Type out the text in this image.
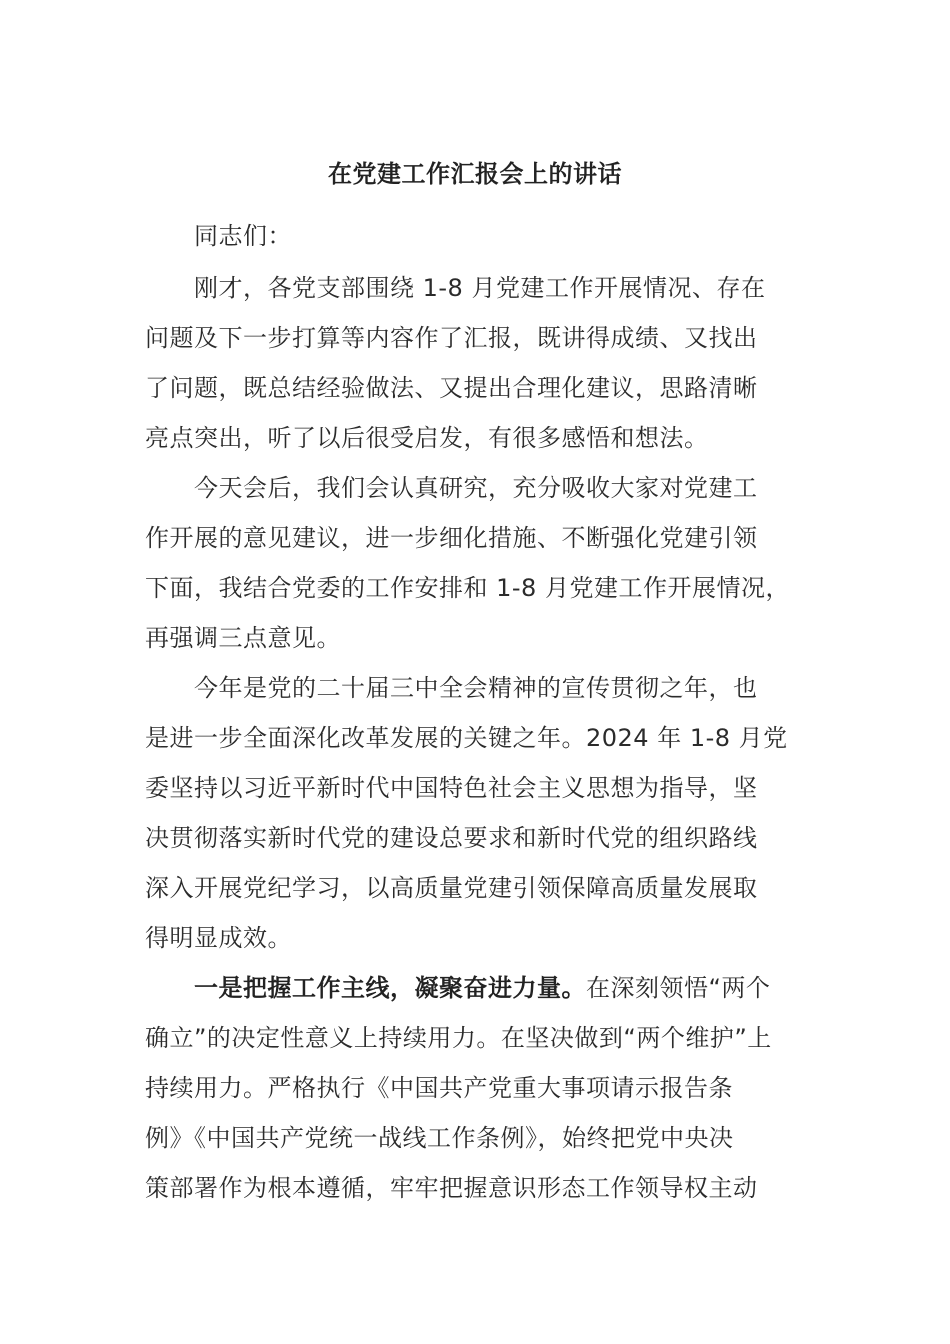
在党建工作汇报会上的讲话
同志们：
刚才，各党支部围绕 1-8 月党建工作开展情况、存在
问题及下一步打算等内容作了汇报，既讲得成绩、又找出
了问题，既总结经验做法、又提出合理化建议，思路清晰
亮点突出，听了以后很受启发，有很多感悟和想法。
今天会后，我们会认真研究，充分吸收大家对党建工
作开展的意见建议，进一步细化措施、不断强化党建引领
下面，我结合党委的工作安排和 1-8 月党建工作开展情况，
再强调三点意见。
今年是党的二十届三中全会精神的宣传贯彻之年，也
是进一步全面深化改革发展的关键之年。2024 年 1-8 月党
委坚持以习近平新时代中国特色社会主义思想为指导，坚
决贯彻落实新时代党的建设总要求和新时代党的组织路线
深入开展党纪学习，以高质量党建引领保障高质量发展取
得明显成效。
一是把握工作主线，凝聚奋进力量。在深刻领悟“两个
确立”的决定性意义上持续用力。在坚决做到“两个维护”上
持续用力。严格执行《中国共产党重大事项请示报告条
例》《中国共产党统一战线工作条例》，始终把党中央决
策部署作为根本遵循，牢牢把握意识形态工作领导权主动
